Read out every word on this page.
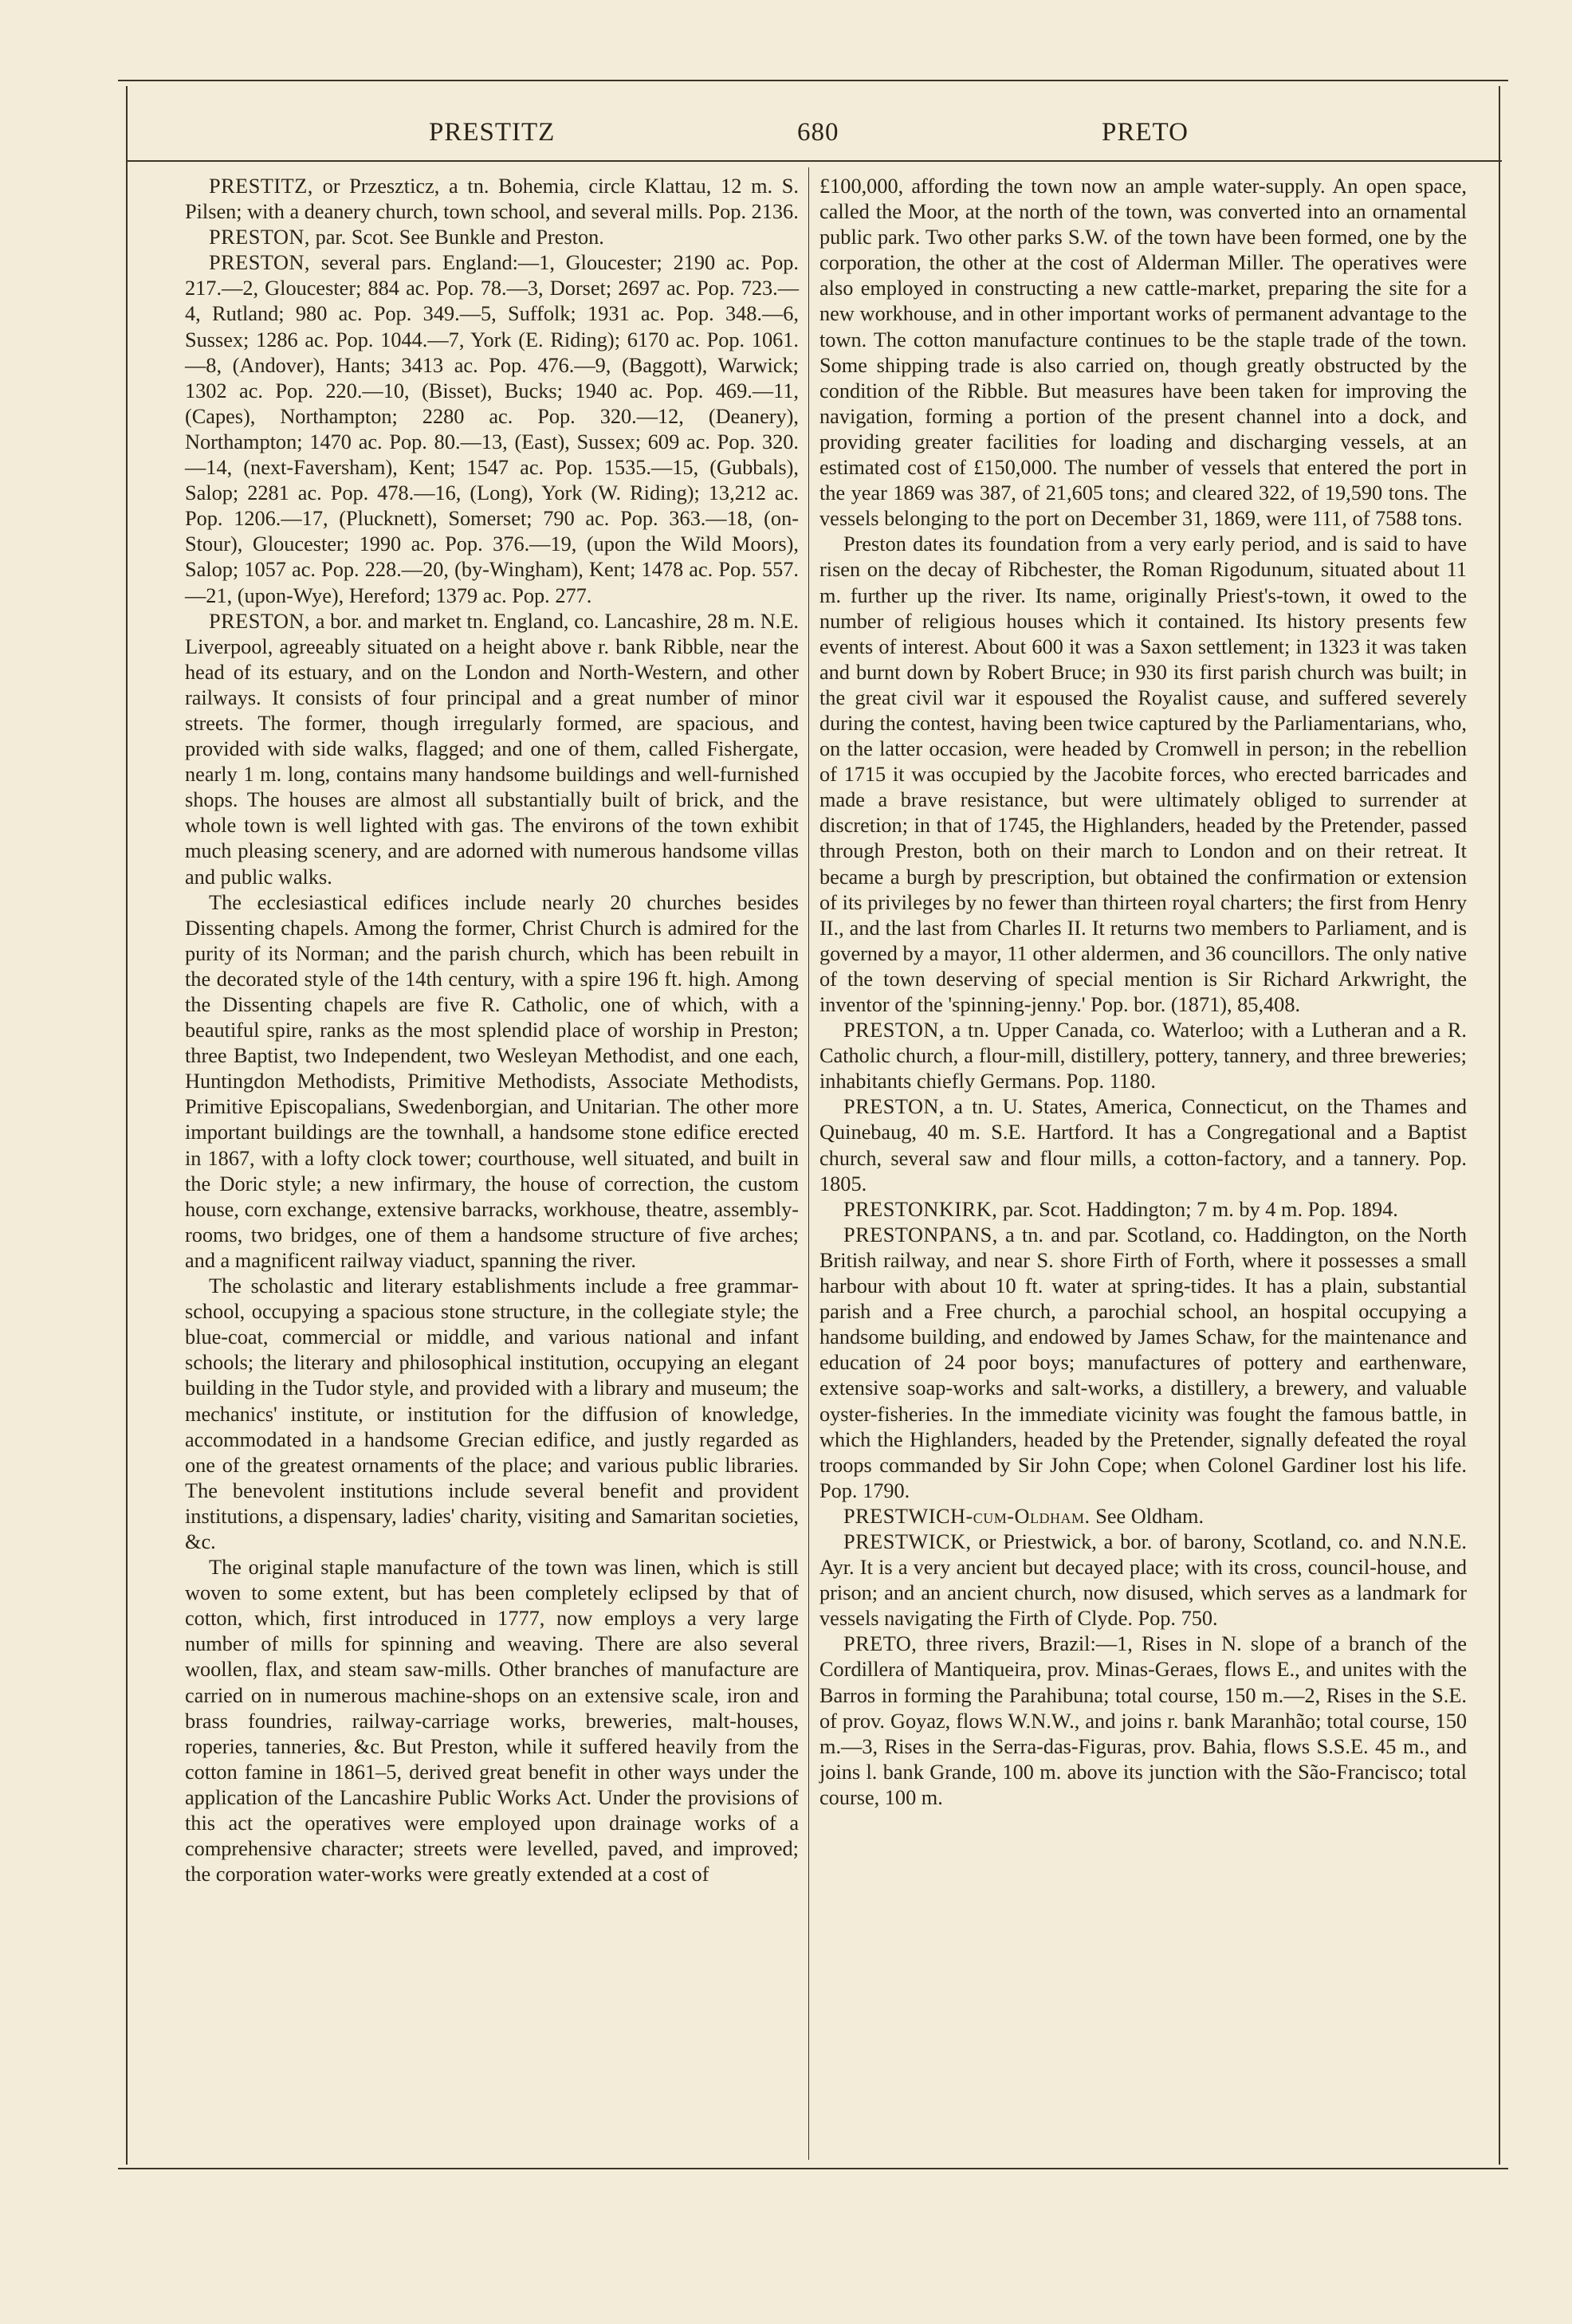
PRESTITZ	680	PRETO

PRESTITZ, or Przeszticz, a tn. Bohemia, circle Klattau, 12 m. S. Pilsen; with a deanery church, town school, and several mills. Pop. 2136.

PRESTON, par. Scot. See Bunkle and Preston.

PRESTON, several pars. England:—1, Gloucester; 2190 ac. Pop. 217.—2, Gloucester; 884 ac. Pop. 78.—3, Dorset; 2697 ac. Pop. 723.—4, Rutland; 980 ac. Pop. 349.—5, Suffolk; 1931 ac. Pop. 348.—6, Sussex; 1286 ac. Pop. 1044.—7, York (E. Riding); 6170 ac. Pop. 1061.—8, (Andover), Hants; 3413 ac. Pop. 476.—9, (Baggott), Warwick; 1302 ac. Pop. 220.—10, (Bisset), Bucks; 1940 ac. Pop. 469.—11, (Capes), Northampton; 2280 ac. Pop. 320.—12, (Deanery), Northampton; 1470 ac. Pop. 80.—13, (East), Sussex; 609 ac. Pop. 320.—14, (next-Faversham), Kent; 1547 ac. Pop. 1535.—15, (Gubbals), Salop; 2281 ac. Pop. 478.—16, (Long), York (W. Riding); 13,212 ac. Pop. 1206.—17, (Plucknett), Somerset; 790 ac. Pop. 363.—18, (on-Stour), Gloucester; 1990 ac. Pop. 376.—19, (upon the Wild Moors), Salop; 1057 ac. Pop. 228.—20, (by-Wingham), Kent; 1478 ac. Pop. 557.—21, (upon-Wye), Hereford; 1379 ac. Pop. 277.

PRESTON, a bor. and market tn. England, co. Lancashire, 28 m. N.E. Liverpool, agreeably situated on a height above r. bank Ribble, near the head of its estuary, and on the London and North-Western, and other railways. It consists of four principal and a great number of minor streets. The former, though irregularly formed, are spacious, and provided with side walks, flagged; and one of them, called Fishergate, nearly 1 m. long, contains many handsome buildings and well-furnished shops. The houses are almost all substantially built of brick, and the whole town is well lighted with gas. The environs of the town exhibit much pleasing scenery, and are adorned with numerous handsome villas and public walks.

The ecclesiastical edifices include nearly 20 churches besides Dissenting chapels. Among the former, Christ Church is admired for the purity of its Norman; and the parish church, which has been rebuilt in the decorated style of the 14th century, with a spire 196 ft. high. Among the Dissenting chapels are five R. Catholic, one of which, with a beautiful spire, ranks as the most splendid place of worship in Preston; three Baptist, two Independent, two Wesleyan Methodist, and one each, Huntingdon Methodists, Primitive Methodists, Associate Methodists, Primitive Episcopalians, Swedenborgian, and Unitarian. The other more important buildings are the townhall, a handsome stone edifice erected in 1867, with a lofty clock tower; courthouse, well situated, and built in the Doric style; a new infirmary, the house of correction, the custom house, corn exchange, extensive barracks, workhouse, theatre, assembly-rooms, two bridges, one of them a handsome structure of five arches; and a magnificent railway viaduct, spanning the river.

The scholastic and literary establishments include a free grammar-school, occupying a spacious stone structure, in the collegiate style; the blue-coat, commercial or middle, and various national and infant schools; the literary and philosophical institution, occupying an elegant building in the Tudor style, and provided with a library and museum; the mechanics' institute, or institution for the diffusion of knowledge, accommodated in a handsome Grecian edifice, and justly regarded as one of the greatest ornaments of the place; and various public libraries. The benevolent institutions include several benefit and provident institutions, a dispensary, ladies' charity, visiting and Samaritan societies, &c.

The original staple manufacture of the town was linen, which is still woven to some extent, but has been completely eclipsed by that of cotton, which, first introduced in 1777, now employs a very large number of mills for spinning and weaving. There are also several woollen, flax, and steam saw-mills. Other branches of manufacture are carried on in numerous machine-shops on an extensive scale, iron and brass foundries, railway-carriage works, breweries, malt-houses, roperies, tanneries, &c. But Preston, while it suffered heavily from the cotton famine in 1861–5, derived great benefit in other ways under the application of the Lancashire Public Works Act. Under the provisions of this act the operatives were employed upon drainage works of a comprehensive character; streets were levelled, paved, and improved; the corporation water-works were greatly extended at a cost of

£100,000, affording the town now an ample water-supply. An open space, called the Moor, at the north of the town, was converted into an ornamental public park. Two other parks S.W. of the town have been formed, one by the corporation, the other at the cost of Alderman Miller. The operatives were also employed in constructing a new cattle-market, preparing the site for a new workhouse, and in other important works of permanent advantage to the town. The cotton manufacture continues to be the staple trade of the town. Some shipping trade is also carried on, though greatly obstructed by the condition of the Ribble. But measures have been taken for improving the navigation, forming a portion of the present channel into a dock, and providing greater facilities for loading and discharging vessels, at an estimated cost of £150,000. The number of vessels that entered the port in the year 1869 was 387, of 21,605 tons; and cleared 322, of 19,590 tons. The vessels belonging to the port on December 31, 1869, were 111, of 7588 tons.

Preston dates its foundation from a very early period, and is said to have risen on the decay of Ribchester, the Roman Rigodunum, situated about 11 m. further up the river. Its name, originally Priest's-town, it owed to the number of religious houses which it contained. Its history presents few events of interest. About 600 it was a Saxon settlement; in 1323 it was taken and burnt down by Robert Bruce; in 930 its first parish church was built; in the great civil war it espoused the Royalist cause, and suffered severely during the contest, having been twice captured by the Parliamentarians, who, on the latter occasion, were headed by Cromwell in person; in the rebellion of 1715 it was occupied by the Jacobite forces, who erected barricades and made a brave resistance, but were ultimately obliged to surrender at discretion; in that of 1745, the Highlanders, headed by the Pretender, passed through Preston, both on their march to London and on their retreat. It became a burgh by prescription, but obtained the confirmation or extension of its privileges by no fewer than thirteen royal charters; the first from Henry II., and the last from Charles II. It returns two members to Parliament, and is governed by a mayor, 11 other aldermen, and 36 councillors. The only native of the town deserving of special mention is Sir Richard Arkwright, the inventor of the 'spinning-jenny.' Pop. bor. (1871), 85,408.

PRESTON, a tn. Upper Canada, co. Waterloo; with a Lutheran and a R. Catholic church, a flour-mill, distillery, pottery, tannery, and three breweries; inhabitants chiefly Germans. Pop. 1180.

PRESTON, a tn. U. States, America, Connecticut, on the Thames and Quinebaug, 40 m. S.E. Hartford. It has a Congregational and a Baptist church, several saw and flour mills, a cotton-factory, and a tannery. Pop. 1805.

PRESTONKIRK, par. Scot. Haddington; 7 m. by 4 m. Pop. 1894.

PRESTONPANS, a tn. and par. Scotland, co. Haddington, on the North British railway, and near S. shore Firth of Forth, where it possesses a small harbour with about 10 ft. water at spring-tides. It has a plain, substantial parish and a Free church, a parochial school, an hospital occupying a handsome building, and endowed by James Schaw, for the maintenance and education of 24 poor boys; manufactures of pottery and earthenware, extensive soap-works and salt-works, a distillery, a brewery, and valuable oyster-fisheries. In the immediate vicinity was fought the famous battle, in which the Highlanders, headed by the Pretender, signally defeated the royal troops commanded by Sir John Cope; when Colonel Gardiner lost his life. Pop. 1790.

PRESTWICH-cum-Oldham. See Oldham.

PRESTWICK, or Priestwick, a bor. of barony, Scotland, co. and N.N.E. Ayr. It is a very ancient but decayed place; with its cross, council-house, and prison; and an ancient church, now disused, which serves as a landmark for vessels navigating the Firth of Clyde. Pop. 750.

PRETO, three rivers, Brazil:—1, Rises in N. slope of a branch of the Cordillera of Mantiqueira, prov. Minas-Geraes, flows E., and unites with the Barros in forming the Parahibuna; total course, 150 m.—2, Rises in the S.E. of prov. Goyaz, flows W.N.W., and joins r. bank Maranhão; total course, 150 m.—3, Rises in the Serra-das-Figuras, prov. Bahia, flows S.S.E. 45 m., and joins l. bank Grande, 100 m. above its junction with the São-Francisco; total course, 100 m.
